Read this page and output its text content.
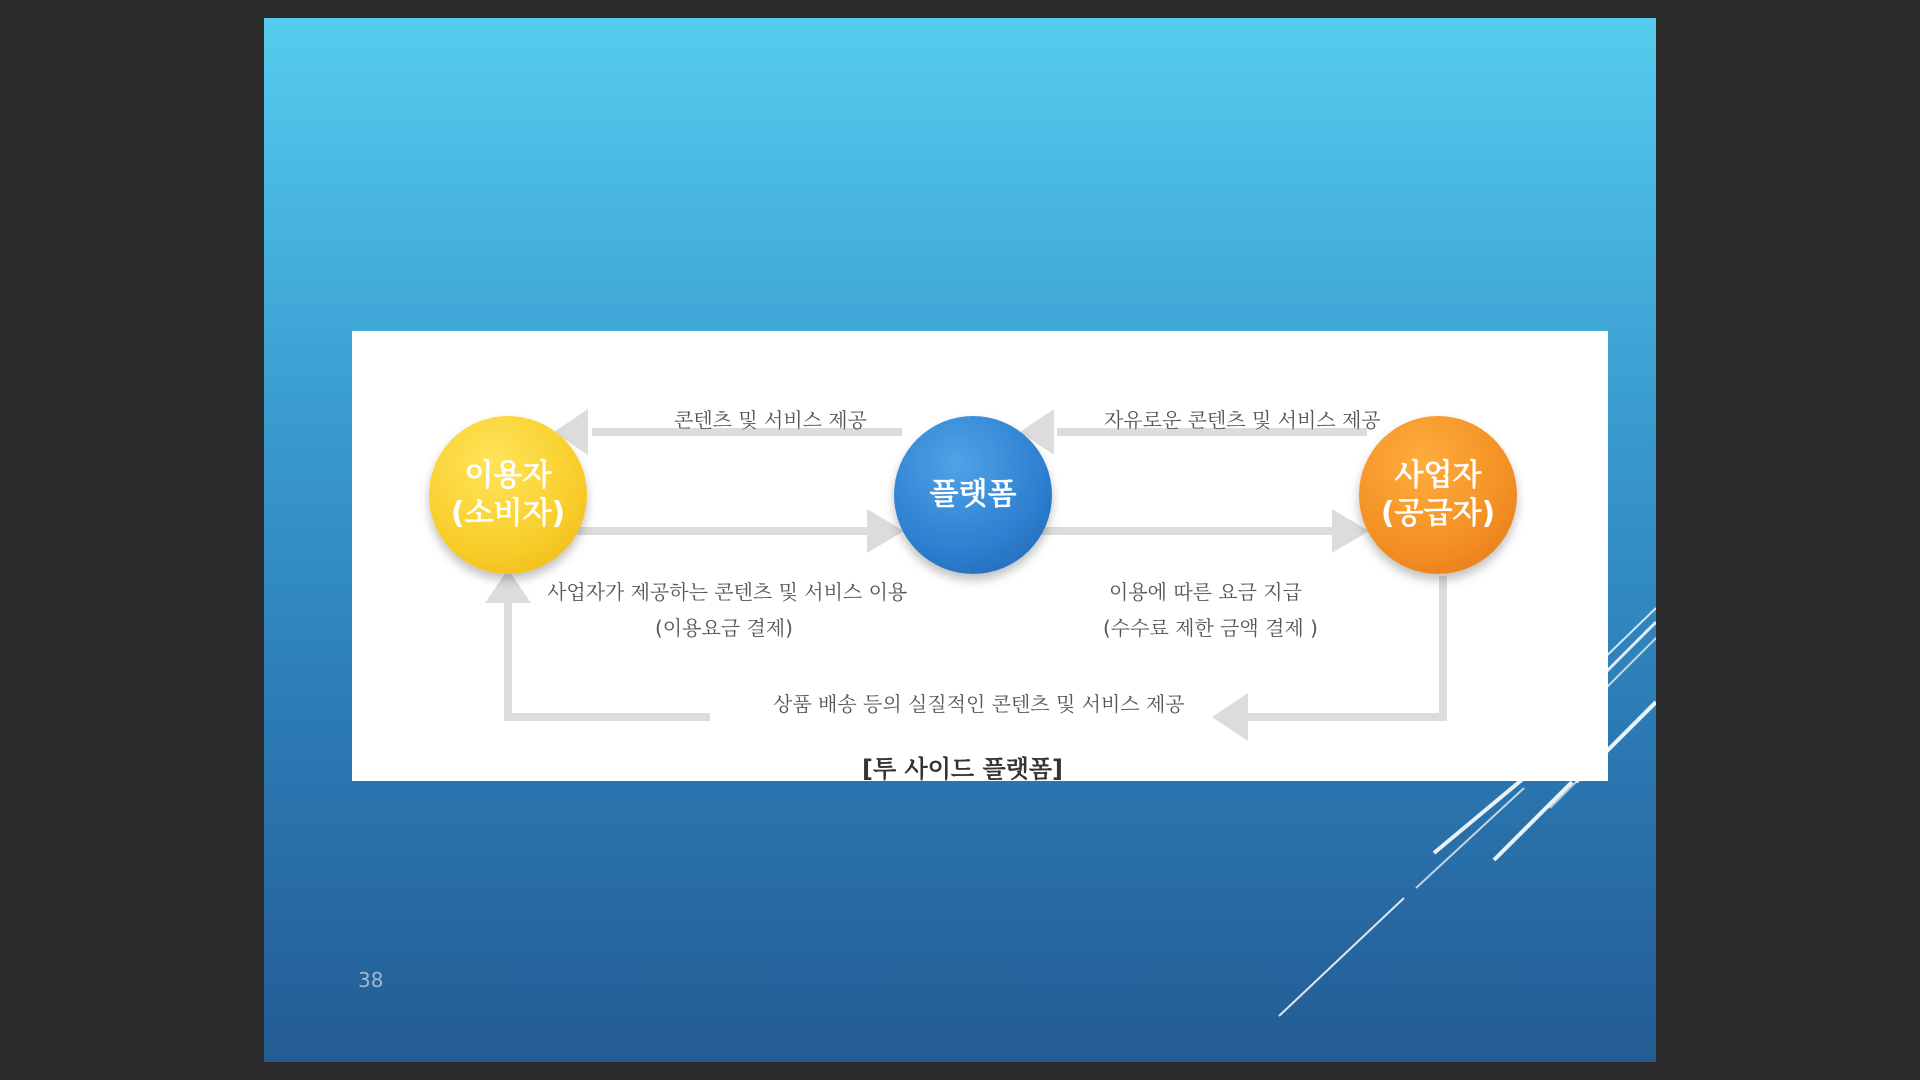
이용자
(소비자)
플랫폼
사업자
(공급자)
콘텐츠 및 서비스 제공	자유로운 콘텐츠 및 서비스 제공
사업자가 제공하는 콘텐츠 및 서비스 이용
(이용요금 결제)
이용에 따른 요금 지급
(수수료 제한 금액 결제 )
상품 배송 등의 실질적인 콘텐츠 및 서비스 제공
[투 사이드 플랫폼]
38
